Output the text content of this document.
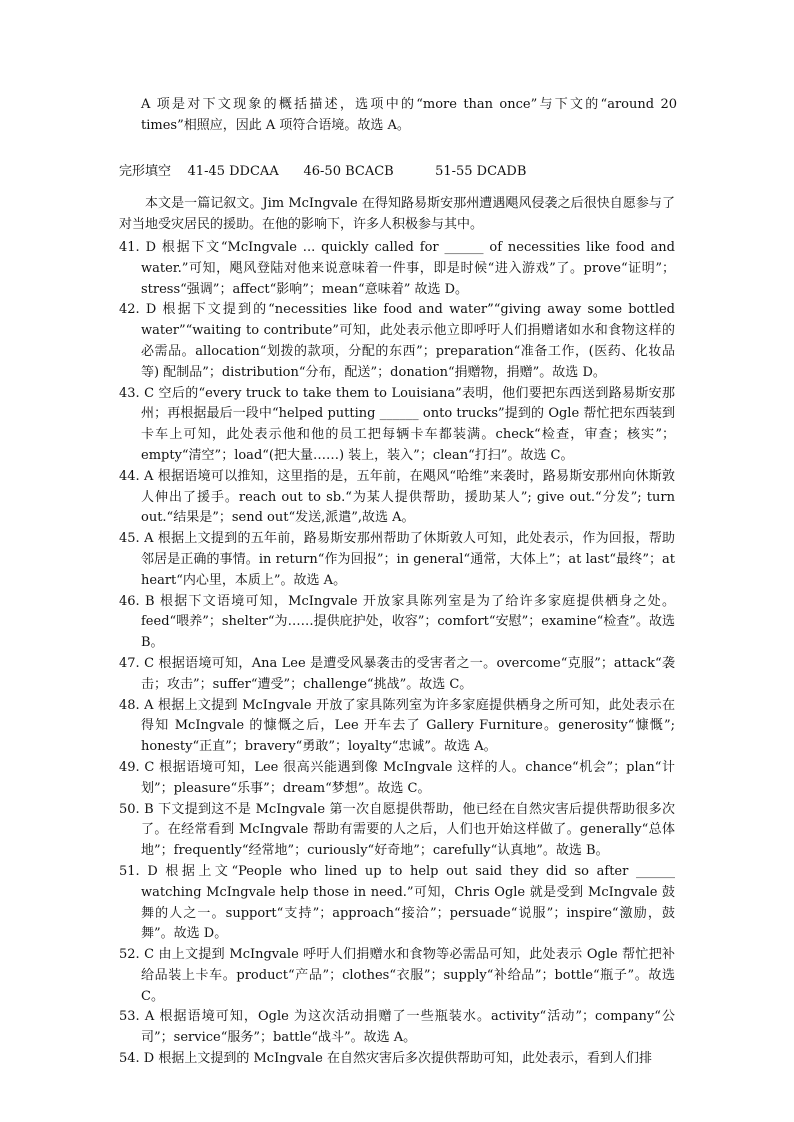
A 项是对下文现象的概括描述，选项中的“more than once”与下文的“around 20 times”相照应，因此 A 项符合语境。故选 A。

完形填空    41-45 DDCAA      46-50 BCACB          51-55 DCADB

本文是一篇记叙文。Jim McIngvale 在得知路易斯安那州遭遇飓风侵袭之后很快自愿参与了对当地受灾居民的援助。在他的影响下，许多人积极参与其中。

41. D 根据下文“McIngvale ... quickly called for ______ of necessities like food and water.”可知，飓风登陆对他来说意味着一件事，即是时候“进入游戏”了。prove“证明”；stress“强调”；affect“影响”；mean“意味着” 故选 D。
42. D 根据下文提到的“necessities like food and water”“giving away some bottled water”“waiting to contribute”可知，此处表示他立即呼吁人们捐赠诸如水和食物这样的必需品。allocation“划拨的款项，分配的东西”；preparation“准备工作，(医药、化妆品等) 配制品”；distribution“分布，配送”；donation“捐赠物，捐赠”。故选 D。
43. C 空后的“every truck to take them to Louisiana”表明，他们要把东西送到路易斯安那州；再根据最后一段中“helped putting ______ onto trucks”提到的 Ogle 帮忙把东西装到卡车上可知，此处表示他和他的员工把每辆卡车都装满。check“检查，审查；核实”；empty“清空”；load“(把大量……) 装上，装入”；clean“打扫”。故选 C。
44. A 根据语境可以推知，这里指的是，五年前，在飓风“哈维”来袭时，路易斯安那州向休斯敦人伸出了援手。reach out to sb.“为某人提供帮助，援助某人”; give out.“分发”; turn out.“结果是”；send out“发送,派遣”,故选 A。
45. A 根据上文提到的五年前，路易斯安那州帮助了休斯敦人可知，此处表示，作为回报，帮助邻居是正确的事情。in return“作为回报”；in general“通常，大体上”；at last“最终”；at heart“内心里，本质上”。故选 A。
46. B 根据下文语境可知，McIngvale 开放家具陈列室是为了给许多家庭提供栖身之处。feed“喂养”；shelter“为……提供庇护处，收容”；comfort“安慰”；examine“检查”。故选 B。
47. C 根据语境可知，Ana Lee 是遭受风暴袭击的受害者之一。overcome“克服”；attack“袭击；攻击”；suffer“遭受”；challenge“挑战”。故选 C。
48. A 根据上文提到 McIngvale 开放了家具陈列室为许多家庭提供栖身之所可知，此处表示在得知 McIngvale 的慷慨之后，Lee 开车去了 Gallery Furniture。generosity“慷慨”; honesty“正直”；bravery“勇敢”；loyalty“忠诚”。故选 A。
49. C 根据语境可知，Lee 很高兴能遇到像 McIngvale 这样的人。chance“机会”；plan“计划”；pleasure“乐事”；dream“梦想”。故选 C。
50. B 下文提到这不是 McIngvale 第一次自愿提供帮助，他已经在自然灾害后提供帮助很多次了。在经常看到 McIngvale 帮助有需要的人之后，人们也开始这样做了。generally“总体地”；frequently“经常地”；curiously“好奇地”；carefully“认真地”。故选 B。
51. D 根据上文“People who lined up to help out said they did so after ______ watching McIngvale help those in need.”可知，Chris Ogle 就是受到 McIngvale 鼓舞的人之一。support“支持”；approach“接洽”；persuade“说服”；inspire“激励，鼓舞”。故选 D。
52. C 由上文提到 McIngvale 呼吁人们捐赠水和食物等必需品可知，此处表示 Ogle 帮忙把补给品装上卡车。product“产品”；clothes“衣服”；supply“补给品”；bottle“瓶子”。故选 C。
53. A 根据语境可知，Ogle 为这次活动捐赠了一些瓶装水。activity“活动”；company“公司”；service“服务”；battle“战斗”。故选 A。
54. D 根据上文提到的 McIngvale 在自然灾害后多次提供帮助可知，此处表示，看到人们排
